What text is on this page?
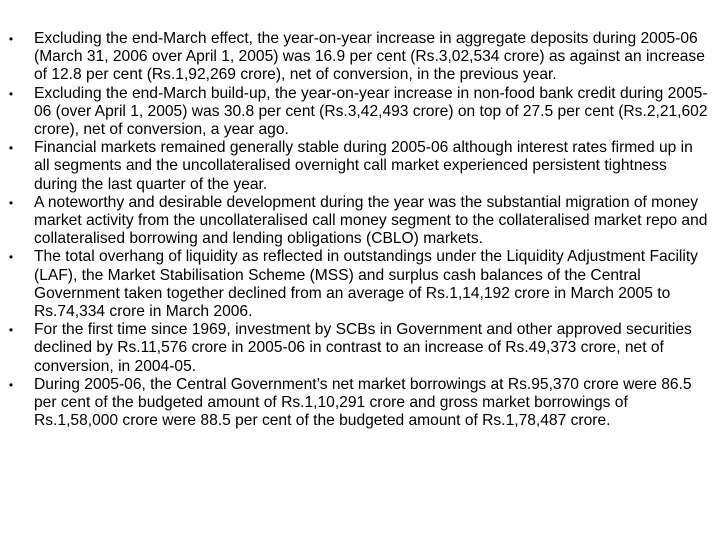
• Excluding the end-March effect, the year-on-year increase in aggregate deposits during 2005-06 (March 31, 2006 over April 1, 2005) was 16.9 per cent (Rs.3,02,534 crore) as against an increase of 12.8 per cent (Rs.1,92,269 crore), net of conversion, in the previous year.
• Excluding the end-March build-up, the year-on-year increase in non-food bank credit during 2005-06 (over April 1, 2005) was 30.8 per cent (Rs.3,42,493 crore) on top of 27.5 per cent (Rs.2,21,602 crore), net of conversion, a year ago.
• Financial markets remained generally stable during 2005-06 although interest rates firmed up in all segments and the uncollateralised overnight call market experienced persistent tightness during the last quarter of the year.
• A noteworthy and desirable development during the year was the substantial migration of money market activity from the uncollateralised call money segment to the collateralised market repo and collateralised borrowing and lending obligations (CBLO) markets.
• The total overhang of liquidity as reflected in outstandings under the Liquidity Adjustment Facility (LAF), the Market Stabilisation Scheme (MSS) and surplus cash balances of the Central Government taken together declined from an average of Rs.1,14,192 crore in March 2005 to Rs.74,334 crore in March 2006.
• For the first time since 1969, investment by SCBs in Government and other approved securities declined by Rs.11,576 crore in 2005-06 in contrast to an increase of Rs.49,373 crore, net of conversion, in 2004-05.
• During 2005-06, the Central Government’s net market borrowings at Rs.95,370 crore were 86.5 per cent of the budgeted amount of Rs.1,10,291 crore and gross market borrowings of Rs.1,58,000 crore were 88.5 per cent of the budgeted amount of Rs.1,78,487 crore.
